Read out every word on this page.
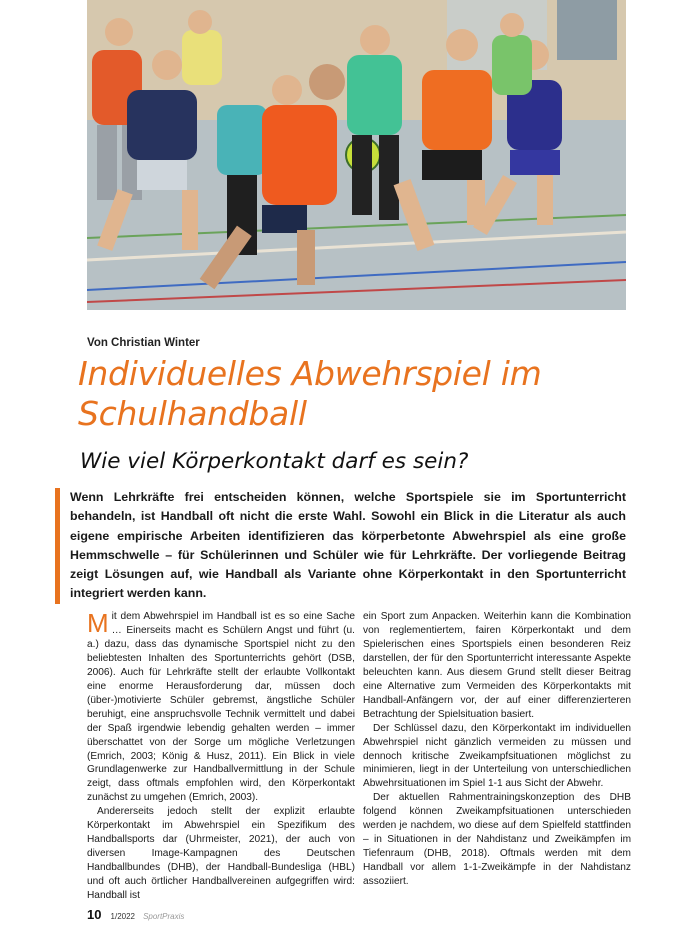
Von Christian Winter
Individuelles Abwehrspiel im Schulhandball
Wie viel Körperkontakt darf es sein?

Wenn Lehrkräfte frei entscheiden können, welche Sportspiele sie im Sportunterricht behandeln, ist Handball oft nicht die erste Wahl. Sowohl ein Blick in die Literatur als auch eigene empirische Arbeiten identifizieren das körperbetonte Abwehrspiel als eine große Hemmschwelle – für Schülerinnen und Schüler wie für Lehrkräfte. Der vorliegende Beitrag zeigt Lösungen auf, wie Handball als Variante ohne Körperkontakt in den Sportunterricht integriert werden kann.

Mit dem Abwehrspiel im Handball ist es so eine Sache … Einerseits macht es Schülern Angst und führt (u. a.) dazu, dass das dynamische Sportspiel nicht zu den beliebtesten Inhalten des Sportunterrichts gehört (DSB, 2006). Auch für Lehrkräfte stellt der erlaubte Vollkontakt eine enorme Herausforderung dar, müssen doch (über-)motivierte Schüler gebremst, ängstliche Schüler beruhigt, eine anspruchsvolle Technik vermittelt und dabei der Spaß irgendwie lebendig gehalten werden – immer überschattet von der Sorge um mögliche Verletzungen (Emrich, 2003; König & Husz, 2011). Ein Blick in viele Grundlagenwerke zur Handballvermittlung in der Schule zeigt, dass oftmals empfohlen wird, den Körperkontakt zunächst zu umgehen (Emrich, 2003).

Andererseits jedoch stellt der explizit erlaubte Körperkontakt im Abwehrspiel ein Spezifikum des Handballsports dar (Uhrmeister, 2021), der auch von diversen Image-Kampagnen des Deutschen Handballbundes (DHB), der Handball-Bundesliga (HBL) und oft auch örtlicher Handballvereinen aufgegriffen wird: Handball ist

ein Sport zum Anpacken. Weiterhin kann die Kombination von reglementiertem, fairen Körperkontakt und dem Spielerischen eines Sportspiels einen besonderen Reiz darstellen, der für den Sportunterricht interessante Aspekte beleuchten kann. Aus diesem Grund stellt dieser Beitrag eine Alternative zum Vermeiden des Körperkontakts mit Handball-Anfängern vor, der auf einer differenzierteren Betrachtung der Spielsituation basiert.

Der Schlüssel dazu, den Körperkontakt im individuellen Abwehrspiel nicht gänzlich vermeiden zu müssen und dennoch kritische Zweikampfsituationen möglichst zu minimieren, liegt in der Unterteilung von unterschiedlichen Abwehrsituationen im Spiel 1-1 aus Sicht der Abwehr.

Der aktuellen Rahmentrainingskonzeption des DHB folgend können Zweikampfsituationen unterschieden werden je nachdem, wo diese auf dem Spielfeld stattfinden – in Situationen in der Nahdistanz und Zweikämpfen im Tiefenraum (DHB, 2018). Oftmals werden mit dem Handball vor allem 1-1-Zweikämpfe in der Nahdistanz assoziiert.

10 1/2022 SportPraxis
